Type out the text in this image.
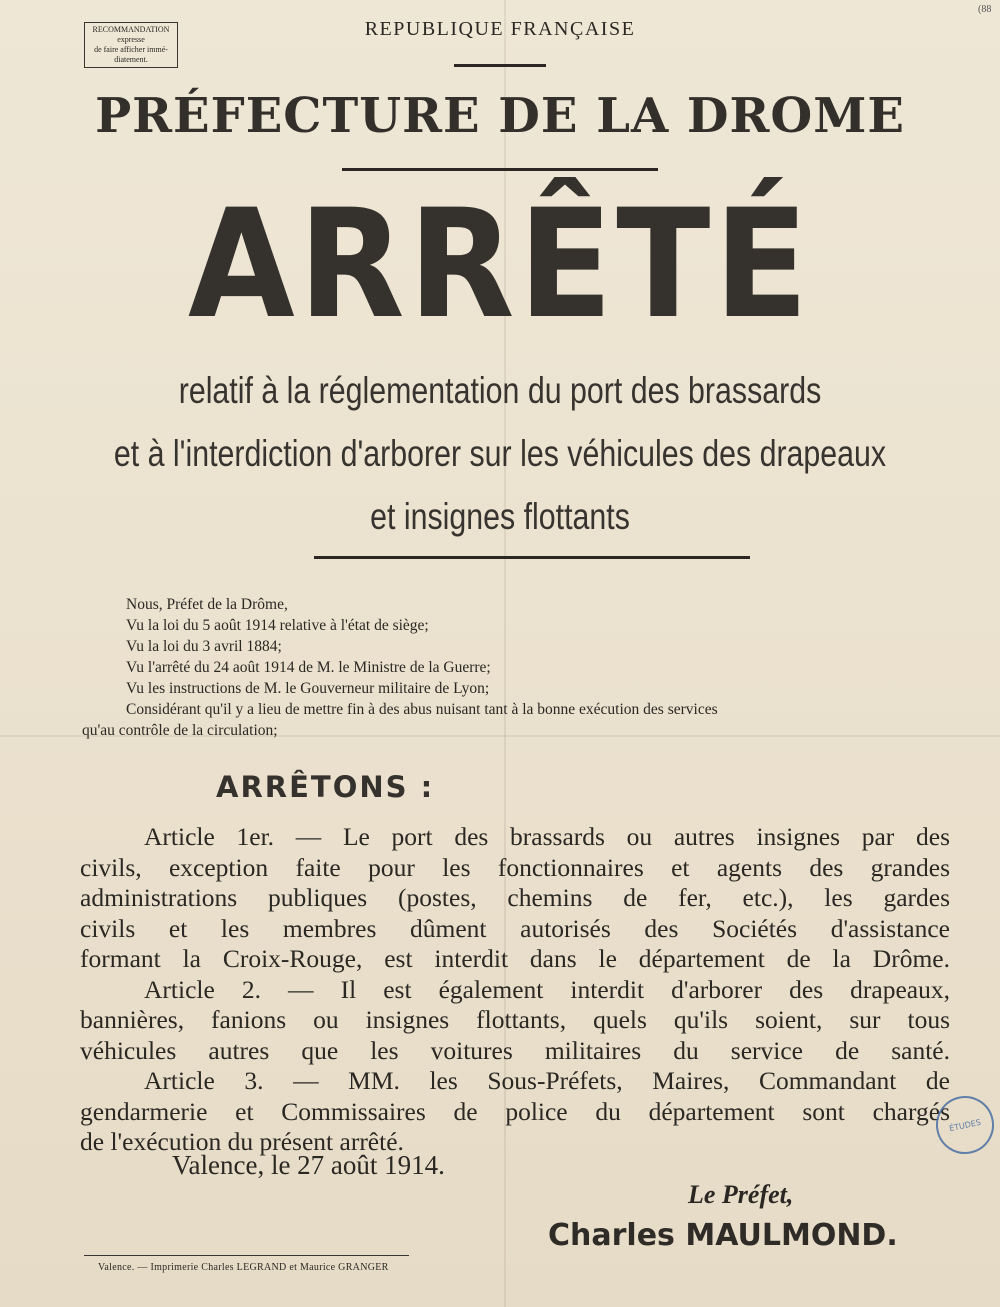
RECOMMANDATION
expresse
de faire afficher immé-
diatement.
(88
REPUBLIQUE FRANÇAISE
PRÉFECTURE DE LA DROME
ARRÊTÉ
relatif à la réglementation du port des brassards
et à l'interdiction d'arborer sur les véhicules des drapeaux
et insignes flottants
Nous, Préfet de la Drôme,
Vu la loi du 5 août 1914 relative à l'état de siège;
Vu la loi du 3 avril 1884;
Vu l'arrêté du 24 août 1914 de M. le Ministre de la Guerre;
Vu les instructions de M. le Gouverneur militaire de Lyon;
Considérant qu'il y a lieu de mettre fin à des abus nuisant tant à la bonne exécution des services
qu'au contrôle de la circulation;
ARRÊTONS :
Article 1er. — Le port des brassards ou autres insignes par des
civils, exception faite pour les fonctionnaires et agents des grandes
administrations publiques (postes, chemins de fer, etc.), les gardes
civils et les membres dûment autorisés des Sociétés d'assistance
formant la Croix-Rouge, est interdit dans le département de la Drôme.
Article 2. — Il est également interdit d'arborer des drapeaux,
bannières, fanions ou insignes flottants, quels qu'ils soient, sur tous
véhicules autres que les voitures militaires du service de santé.
Article 3. — MM. les Sous-Préfets, Maires, Commandant de
gendarmerie et Commissaires de police du département sont chargés
de l'exécution du présent arrêté.
Valence, le 27 août 1914.
Le Préfet,
Charles MAULMOND.
Valence. — Imprimerie Charles LEGRAND et Maurice GRANGER
ÉTUDES
